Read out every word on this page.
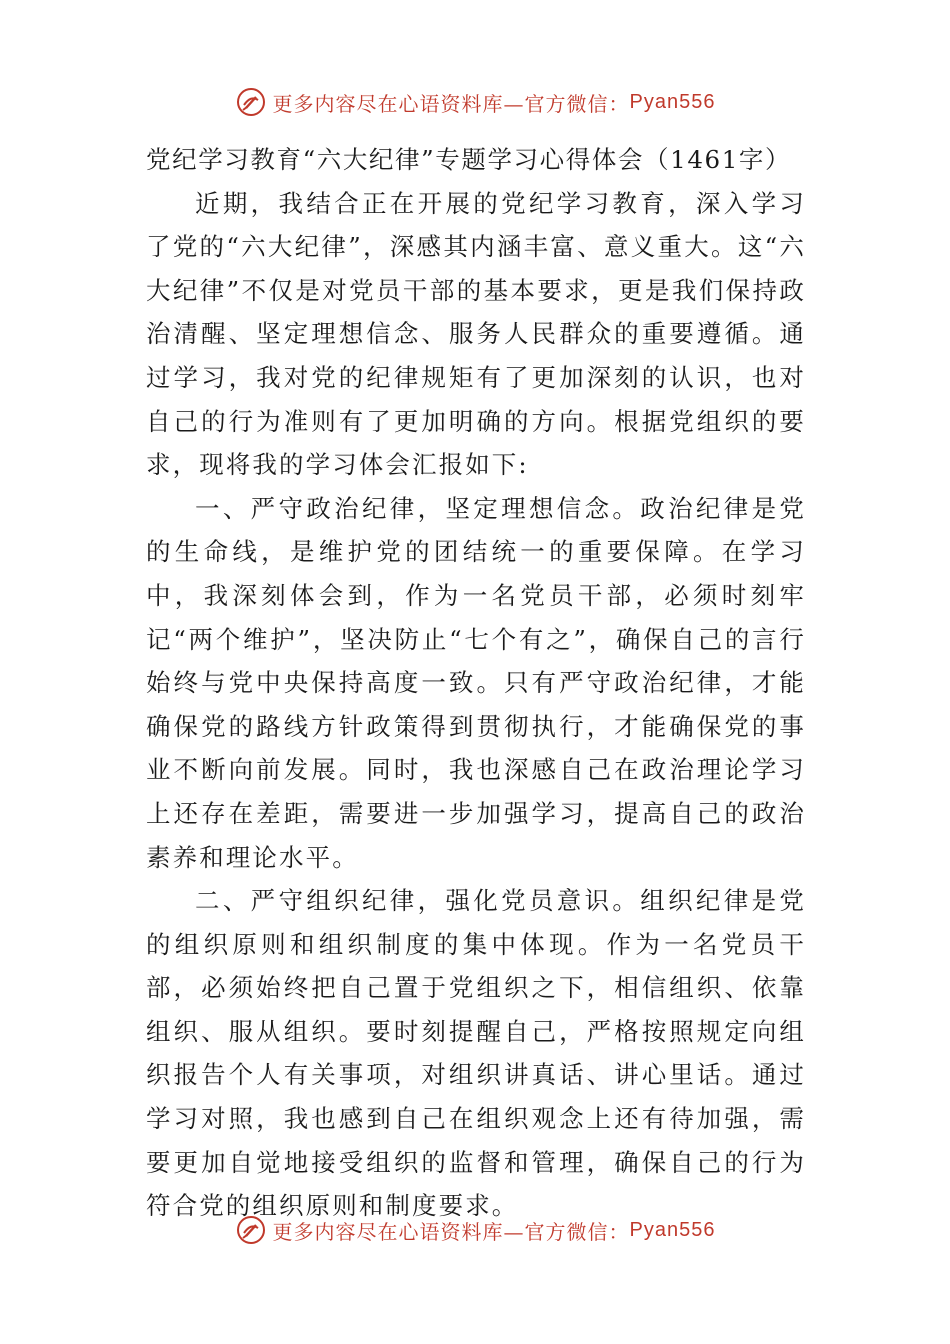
更多内容尽在心语资料库—官方微信： Pyan556

党纪学习教育“六大纪律”专题学习心得体会（1461字）

近期，我结合正在开展的党纪学习教育，深入学习了党的“六大纪律”，深感其内涵丰富、意义重大。这“六大纪律”不仅是对党员干部的基本要求，更是我们保持政治清醒、坚定理想信念、服务人民群众的重要遵循。通过学习，我对党的纪律规矩有了更加深刻的认识，也对自己的行为准则有了更加明确的方向。根据党组织的要求，现将我的学习体会汇报如下:

一、严守政治纪律，坚定理想信念。政治纪律是党的生命线，是维护党的团结统一的重要保障。在学习中，我深刻体会到，作为一名党员干部，必须时刻牢记“两个维护”，坚决防止“七个有之”，确保自己的言行始终与党中央保持高度一致。只有严守政治纪律，才能确保党的路线方针政策得到贯彻执行，才能确保党的事业不断向前发展。同时，我也深感自己在政治理论学习上还存在差距，需要进一步加强学习，提高自己的政治素养和理论水平。

二、严守组织纪律，强化党员意识。组织纪律是党的组织原则和组织制度的集中体现。作为一名党员干部，必须始终把自己置于党组织之下，相信组织、依靠组织、服从组织。要时刻提醒自己，严格按照规定向组织报告个人有关事项，对组织讲真话、讲心里话。通过学习对照，我也感到自己在组织观念上还有待加强，需要更加自觉地接受组织的监督和管理，确保自己的行为符合党的组织原则和制度要求。

更多内容尽在心语资料库—官方微信： Pyan556
